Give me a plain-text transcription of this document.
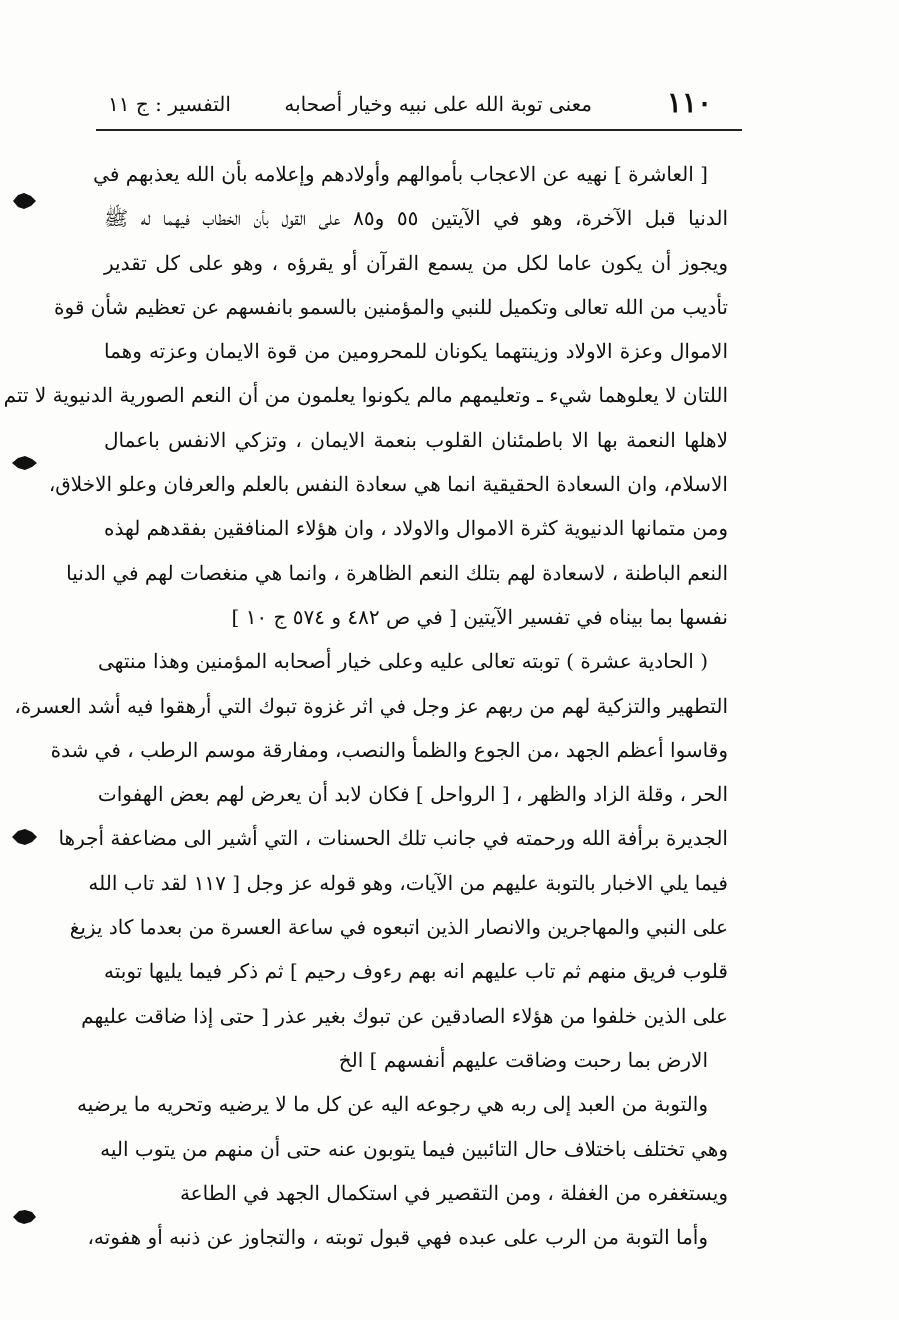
١١٠
معنى توبة الله على نبيه وخيار أصحابه
التفسير : ج ١١
[ العاشرة ] نهيه عن الاعجاب بأموالهم وأولادهم وإعلامه بأن الله يعذبهم في
الدنيا قبل الآخرة، وهو في الآيتين ٥٥ و٨٥ على القول بأن الخطاب فيهما له ﷺ
ويجوز أن يكون عاما لكل من يسمع القرآن أو يقرؤه ، وهو على كل تقدير
تأديب من الله تعالى وتكميل للنبي والمؤمنين بالسمو بانفسهم عن تعظيم شأن قوة
الاموال وعزة الاولاد وزينتهما يكونان للمحرومين من قوة الايمان وعزته وهما
اللتان لا يعلوهما شيء ـ وتعليمهم مالم يكونوا يعلمون من أن النعم الصورية الدنيوية لا تتم
لاهلها النعمة بها الا باطمئنان القلوب بنعمة الايمان ، وتزكي الانفس باعمال
الاسلام، وان السعادة الحقيقية انما هي سعادة النفس بالعلم والعرفان وعلو الاخلاق،
ومن متمانها الدنيوية كثرة الاموال والاولاد ، وان هؤلاء المنافقين بفقدهم لهذه
النعم الباطنة ، لاسعادة لهم بتلك النعم الظاهرة ، وانما هي منغصات لهم في الدنيا
نفسها بما بيناه في تفسير الآيتين [ في ص ٤٨٢ و ٥٧٤ ج ١٠ ]
( الحادية عشرة ) توبته تعالى عليه وعلى خيار أصحابه المؤمنين وهذا منتهى
التطهير والتزكية لهم من ربهم عز وجل في اثر غزوة تبوك التي أرهقوا فيه أشد العسرة،
وقاسوا أعظم الجهد ،من الجوع والظمأ والنصب، ومفارقة موسم الرطب ، في شدة
الحر ، وقلة الزاد والظهر ، [ الرواحل ] فكان لابد أن يعرض لهم بعض الهفوات
الجديرة برأفة الله ورحمته في جانب تلك الحسنات ، التي أشير الى مضاعفة أجرها
فيما يلي الاخبار بالتوبة عليهم من الآيات، وهو قوله عز وجل [ ١١٧ لقد تاب الله
على النبي والمهاجرين والانصار الذين اتبعوه في ساعة العسرة من بعدما كاد يزيغ
قلوب فريق منهم ثم تاب عليهم انه بهم رءوف رحيم ] ثم ذكر فيما يليها توبته
على الذين خلفوا من هؤلاء الصادقين عن تبوك بغير عذر [ حتى إذا ضاقت عليهم
الارض بما رحبت وضاقت عليهم أنفسهم ] الخ
والتوبة من العبد إلى ربه هي رجوعه اليه عن كل ما لا يرضيه وتحريه ما يرضيه
وهي تختلف باختلاف حال التائبين فيما يتوبون عنه حتى أن منهم من يتوب اليه
ويستغفره من الغفلة ، ومن التقصير في استكمال الجهد في الطاعة
وأما التوبة من الرب على عبده فهي قبول توبته ، والتجاوز عن ذنبه أو هفوته،
